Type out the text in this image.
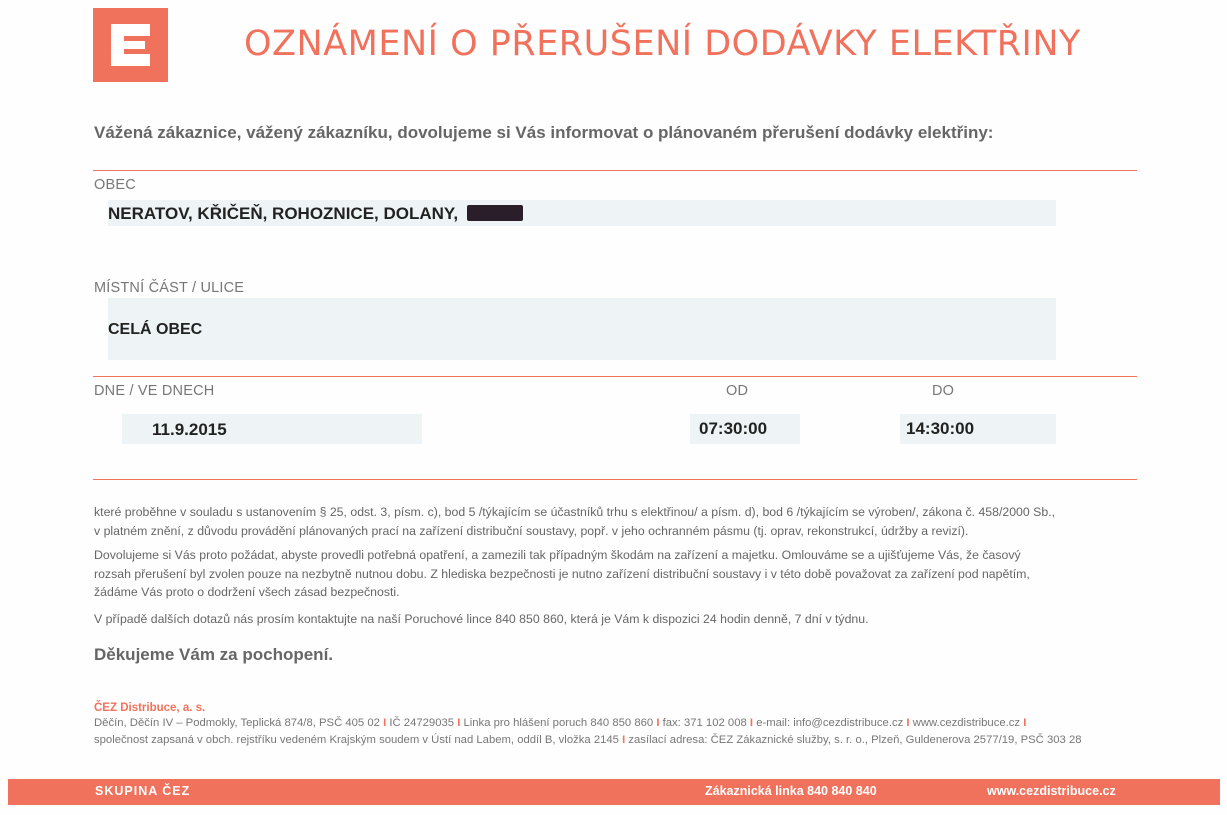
OZNÁMENÍ O PŘERUŠENÍ DODÁVKY ELEKTŘINY
Vážená zákaznice, vážený zákazníku, dovolujeme si Vás informovat o plánovaném přerušení dodávky elektřiny:
OBEC
NERATOV, KŘIČEŇ, ROHOZNICE, DOLANY,
MÍSTNÍ ČÁST / ULICE
CELÁ OBEC
DNE / VE DNECH	OD	DO
11.9.2015	07:30:00	14:30:00
které proběhne v souladu s ustanovením § 25, odst. 3, písm. c), bod 5 /týkajícím se účastníků trhu s elektřinou/ a písm. d), bod 6 /týkajícím se výroben/, zákona č. 458/2000 Sb.,
v platném znění, z důvodu provádění plánovaných prací na zařízení distribuční soustavy, popř. v jeho ochranném pásmu (tj. oprav, rekonstrukcí, údržby a revizí).
Dovolujeme si Vás proto požádat, abyste provedli potřebná opatření, a zamezili tak případným škodám na zařízení a majetku. Omlouváme se a ujišťujeme Vás, že časový
rozsah přerušení byl zvolen pouze na nezbytně nutnou dobu. Z hlediska bezpečnosti je nutno zařízení distribuční soustavy i v této době považovat za zařízení pod napětím,
žádáme Vás proto o dodržení všech zásad bezpečnosti.
V případě dalších dotazů nás prosím kontaktujte na naší Poruchové lince 840 850 860, která je Vám k dispozici 24 hodin denně, 7 dní v týdnu.
Děkujeme Vám za pochopení.
ČEZ Distribuce, a. s.
Děčín, Děčín IV – Podmokly, Teplická 874/8, PSČ 405 02 I IČ 24729035 I Linka pro hlášení poruch 840 850 860 I fax: 371 102 008 I e-mail: info@cezdistribuce.cz I www.cezdistribuce.cz I
společnost zapsaná v obch. rejstříku vedeném Krajským soudem v Ústí nad Labem, oddíl B, vložka 2145 I zasílací adresa: ČEZ Zákaznické služby, s. r. o., Plzeň, Guldenerova 2577/19, PSČ 303 28
SKUPINA ČEZ	Zákaznická linka 840 840 840	www.cezdistribuce.cz
